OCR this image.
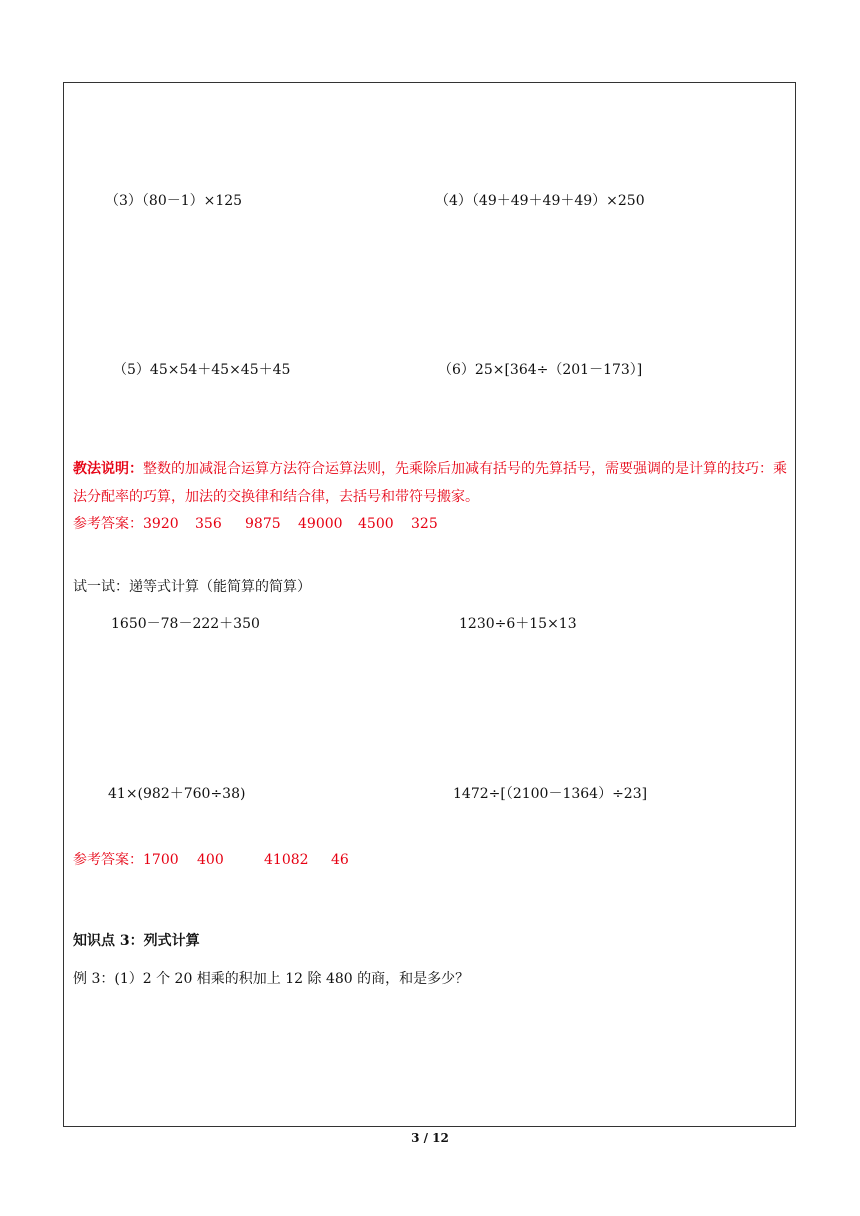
（3）（80－1）×125	（4）（49＋49＋49＋49）×250
（5）45×54＋45×45＋45	（6）25×[364÷（201－173）]
教法说明：整数的加减混合运算方法符合运算法则，先乘除后加减有括号的先算括号，需要强调的是计算的技巧：乘法分配率的巧算，加法的交换律和结合律，去括号和带符号搬家。
参考答案：3920 356 9875 49000 4500 325
试一试：递等式计算（能简算的简算）
1650－78－222＋350	1230÷6＋15×13
41×(982＋760÷38)	1472÷[（2100－1364）÷23]
参考答案：1700 400	41082 46
知识点 3：列式计算
例 3：(1）2 个 20 相乘的积加上 12 除 480 的商，和是多少？
3 / 12
